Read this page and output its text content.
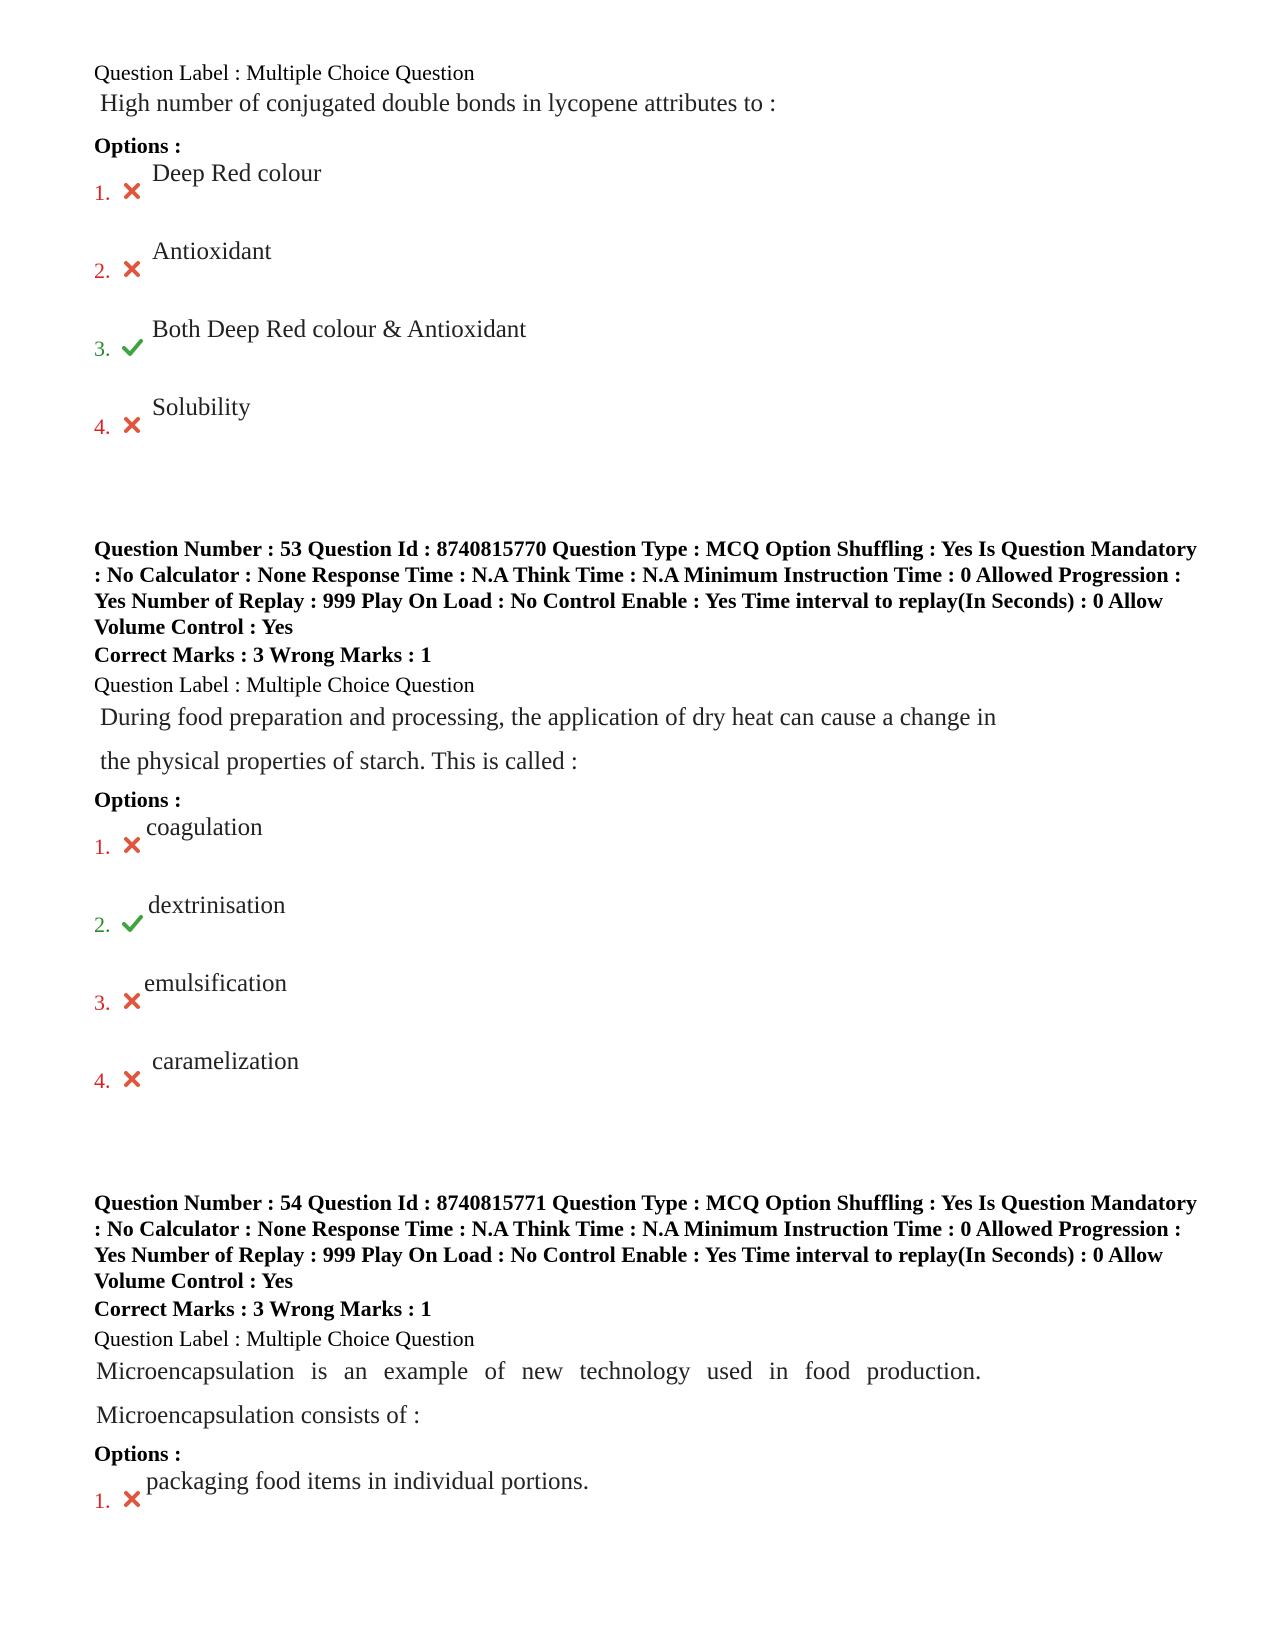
Question Label : Multiple Choice Question
High number of conjugated double bonds in lycopene attributes to :
Options :
1.
Deep Red colour
2.
Antioxidant
3.
Both Deep Red colour & Antioxidant
4.
Solubility
Question Number : 53 Question Id : 8740815770 Question Type : MCQ Option Shuffling : Yes Is Question Mandatory : No Calculator : None Response Time : N.A Think Time : N.A Minimum Instruction Time : 0 Allowed Progression : Yes Number of Replay : 999 Play On Load : No Control Enable : Yes Time interval to replay(In Seconds) : 0 Allow Volume Control : Yes
Correct Marks : 3 Wrong Marks : 1
Question Label : Multiple Choice Question
During food preparation and processing, the application of dry heat can cause a change in
the physical properties of starch. This is called :
Options :
1.
coagulation
2.
dextrinisation
3.
emulsification
4.
caramelization
Question Number : 54 Question Id : 8740815771 Question Type : MCQ Option Shuffling : Yes Is Question Mandatory : No Calculator : None Response Time : N.A Think Time : N.A Minimum Instruction Time : 0 Allowed Progression : Yes Number of Replay : 999 Play On Load : No Control Enable : Yes Time interval to replay(In Seconds) : 0 Allow Volume Control : Yes
Correct Marks : 3 Wrong Marks : 1
Question Label : Multiple Choice Question
Microencapsulation is an example of new technology used in food production.
Microencapsulation consists of :
Options :
1.
packaging food items in individual portions.
